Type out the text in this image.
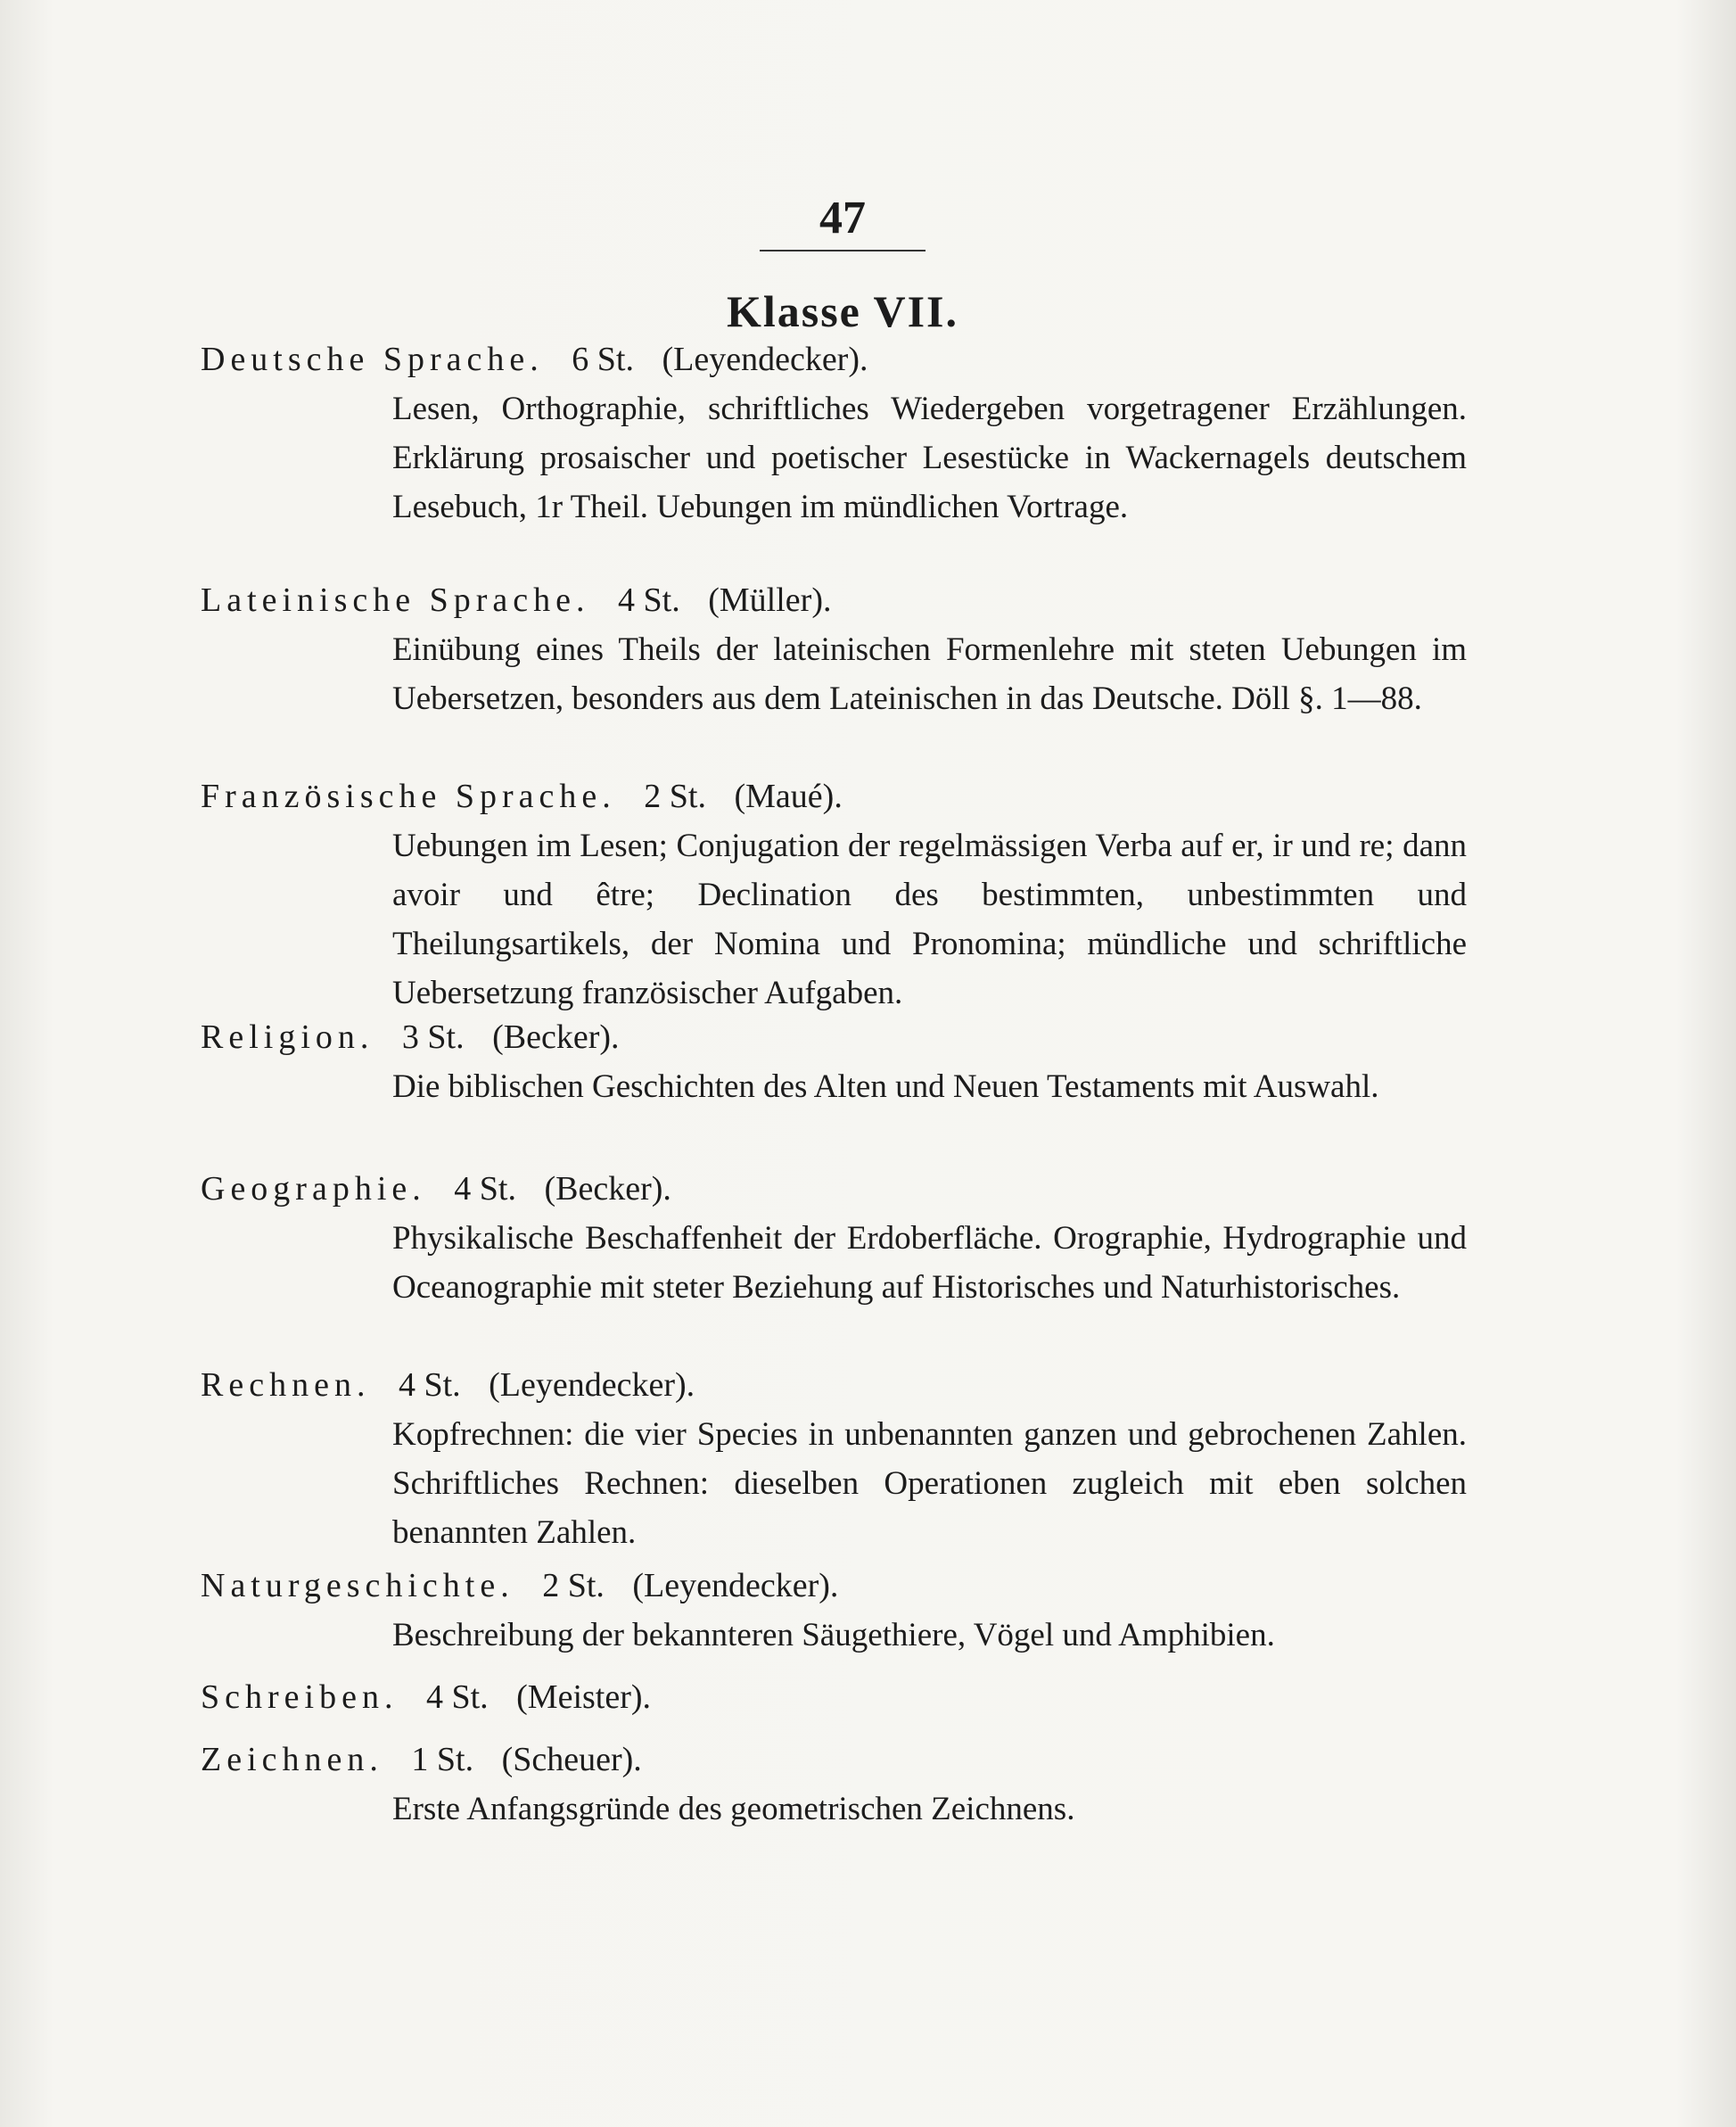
47
Klasse VII.
Deutsche Sprache. 6 St. (Leyendecker).
Lesen, Orthographie, schriftliches Wiedergeben vorgetragener Erzählungen. Erklärung prosaischer und poetischer Lesestücke in Wackernagels deutschem Lesebuch, 1r Theil. Uebungen im mündlichen Vortrage.
Lateinische Sprache. 4 St. (Müller).
Einübung eines Theils der lateinischen Formenlehre mit steten Uebungen im Uebersetzen, besonders aus dem Lateinischen in das Deutsche. Döll §. 1—88.
Französische Sprache. 2 St. (Maué).
Uebungen im Lesen; Conjugation der regelmässigen Verba auf er, ir und re; dann avoir und être; Declination des bestimmten, unbestimmten und Theilungsartikels, der Nomina und Pronomina; mündliche und schriftliche Uebersetzung französischer Aufgaben.
Religion. 3 St. (Becker).
Die biblischen Geschichten des Alten und Neuen Testaments mit Auswahl.
Geographie. 4 St. (Becker).
Physikalische Beschaffenheit der Erdoberfläche. Orographie, Hydrographie und Oceanographie mit steter Beziehung auf Historisches und Naturhistorisches.
Rechnen. 4 St. (Leyendecker).
Kopfrechnen: die vier Species in unbenannten ganzen und gebrochenen Zahlen. Schriftliches Rechnen: dieselben Operationen zugleich mit eben solchen benannten Zahlen.
Naturgeschichte. 2 St. (Leyendecker).
Beschreibung der bekannteren Säugethiere, Vögel und Amphibien.
Schreiben. 4 St. (Meister).
Zeichnen. 1 St. (Scheuer).
Erste Anfangsgründe des geometrischen Zeichnens.
